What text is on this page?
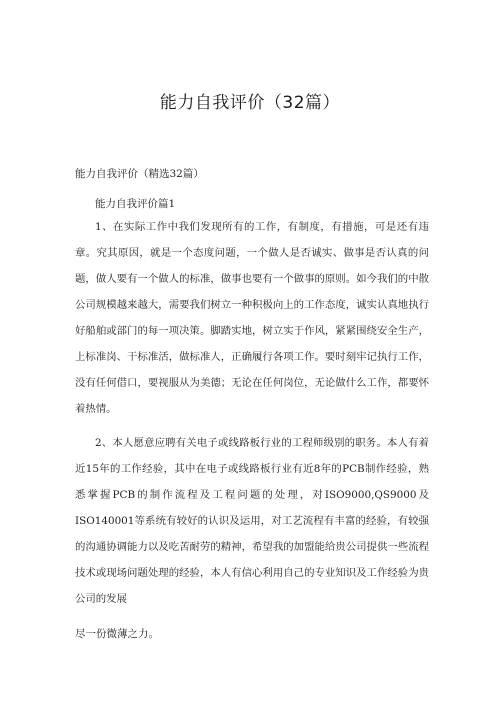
能力自我评价（32篇）
能力自我评价（精选32篇）
能力自我评价篇1

1、在实际工作中我们发现所有的工作，有制度，有措施，可是还有违章。究其原因，就是一个态度问题，一个做人是否诚实、做事是否认真的问题，做人要有一个做人的标准，做事也要有一个做事的原则。如今我们的中散公司规模越来越大，需要我们树立一种积极向上的工作态度，诚实认真地执行好船舶或部门的每一项决策。脚踏实地，树立实于作风，紧紧围绕安全生产，上标准岗、干标准活，做标准人，正确履行各项工作。要时刻牢记执行工作，没有任何借口，要视服从为美德；无论在任何岗位，无论做什么工作，都要怀着热情。

2、本人愿意应聘有关电子或线路板行业的工程师级别的职务。本人有着近15年的工作经验，其中在电子或线路板行业有近8年的PCB制作经验，熟悉掌握PCB的制作流程及工程问题的处理，对ISO9000,QS9000及ISO140001等系统有较好的认识及运用，对工艺流程有丰富的经验，有较强的沟通协调能力以及吃苦耐劳的精神，希望我的加盟能给贵公司提供一些流程技术或现场问题处理的经验，本人有信心利用自己的专业知识及工作经验为贵公司的发展

尽一份微薄之力。
